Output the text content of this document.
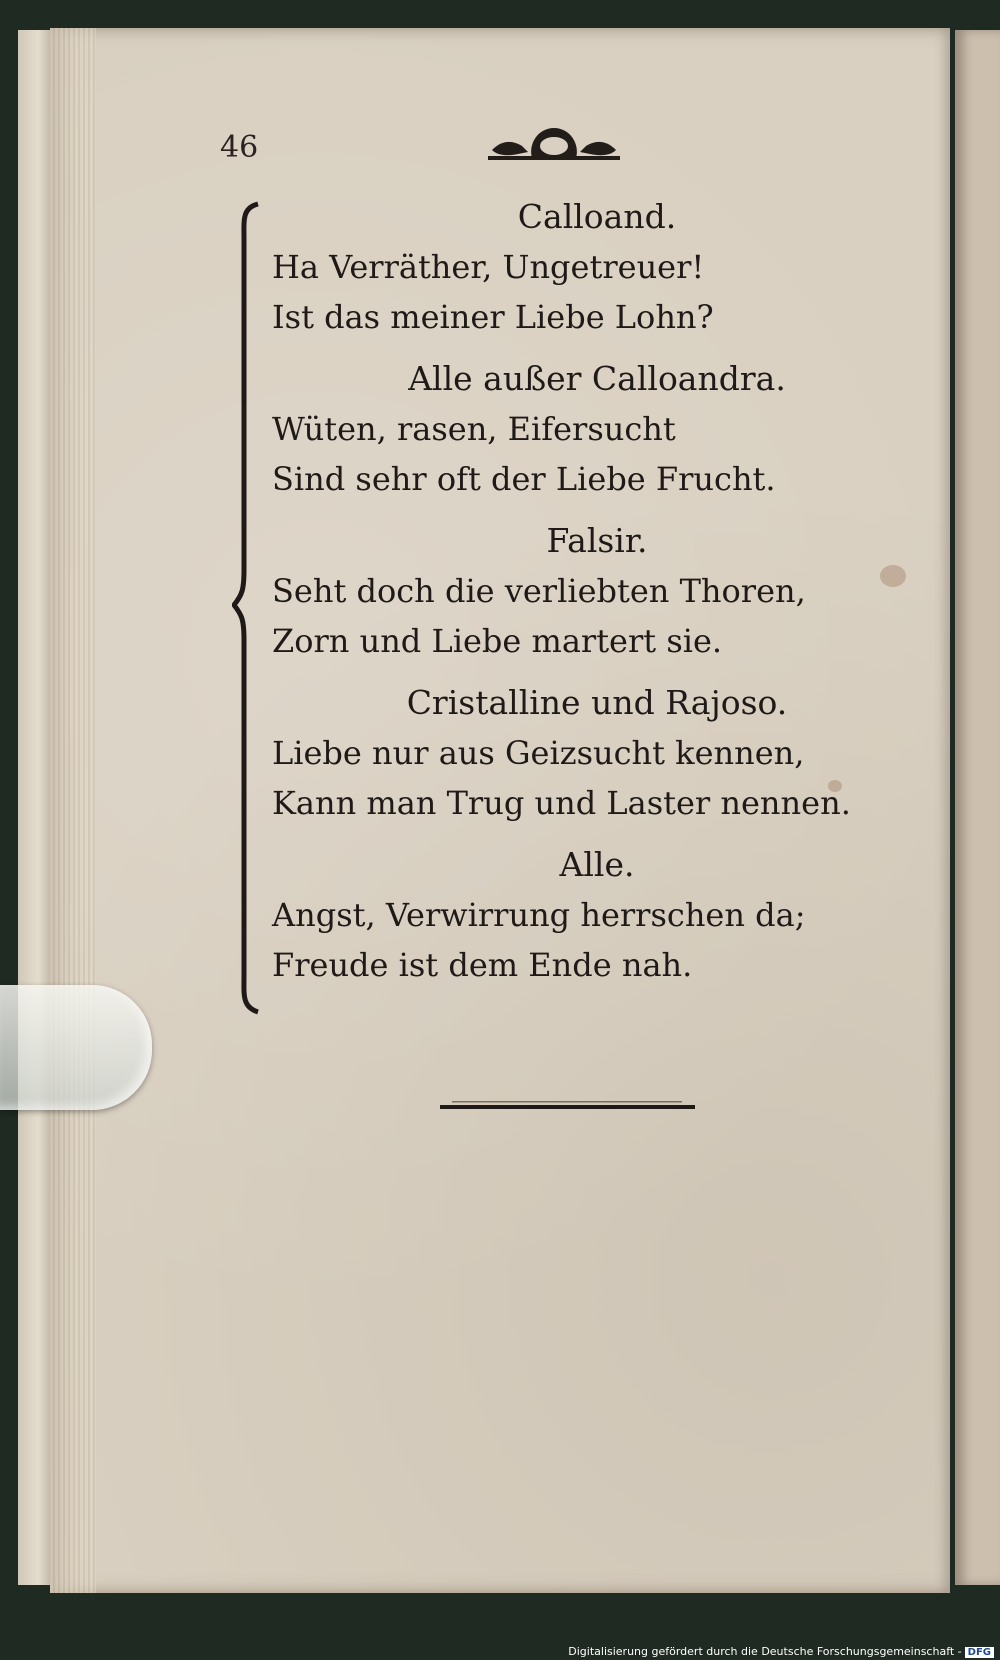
46
Calloand.
Ha Verräther, Ungetreuer!
Ist das meiner Liebe Lohn?
Alle außer Calloandra.
Wüten, rasen, Eifersucht
Sind sehr oft der Liebe Frucht.
Falsir.
Seht doch die verliebten Thoren,
Zorn und Liebe martert sie.
Cristalline und Rajoso.
Liebe nur aus Geizsucht kennen,
Kann man Trug und Laster nennen.
Alle.
Angst, Verwirrung herrschen da;
Freude ist dem Ende nah.
Digitalisierung gefördert durch die Deutsche Forschungsgemeinschaft - DFG
